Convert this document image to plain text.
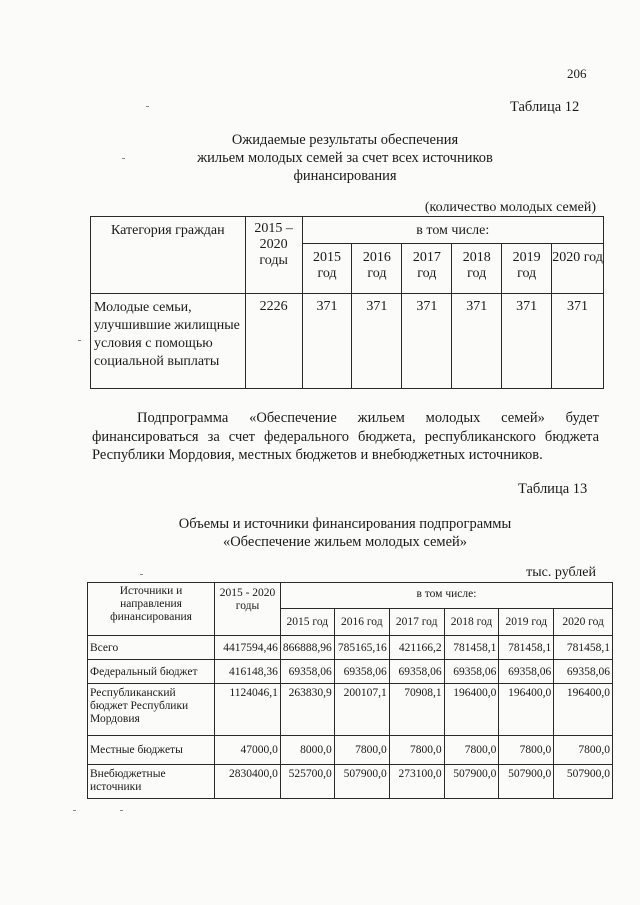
206
Таблица 12
Ожидаемые результаты обеспечения
жильем молодых семей за счет всех источников
финансирования
(количество молодых семей)
Категория граждан	2015 – 2020 годы	в том числе:					
		2015 год	2016 год	2017 год	2018 год	2019 год	2020 год
Молодые семьи, улучшившие жилищные условия с помощью социальной выплаты	2226	371	371	371	371	371	371
Подпрограмма «Обеспечение жильем молодых семей» будет финансироваться за счет федерального бюджета, республиканского бюджета Республики Мордовия, местных бюджетов и внебюджетных источников.
Таблица 13
Объемы и источники финансирования подпрограммы
«Обеспечение жильем молодых семей»
тыс. рублей
Источники и направления финансирования	2015 - 2020 годы	в том числе:					
		2015 год	2016 год	2017 год	2018 год	2019 год	2020 год
Всего	4417594,46	866888,96	785165,16	421166,2	781458,1	781458,1	781458,1
Федеральный бюджет	416148,36	69358,06	69358,06	69358,06	69358,06	69358,06	69358,06
Республиканский бюджет Республики Мордовия	1124046,1	263830,9	200107,1	70908,1	196400,0	196400,0	196400,0
Местные бюджеты	47000,0	8000,0	7800,0	7800,0	7800,0	7800,0	7800,0
Внебюджетные источники	2830400,0	525700,0	507900,0	273100,0	507900,0	507900,0	507900,0
